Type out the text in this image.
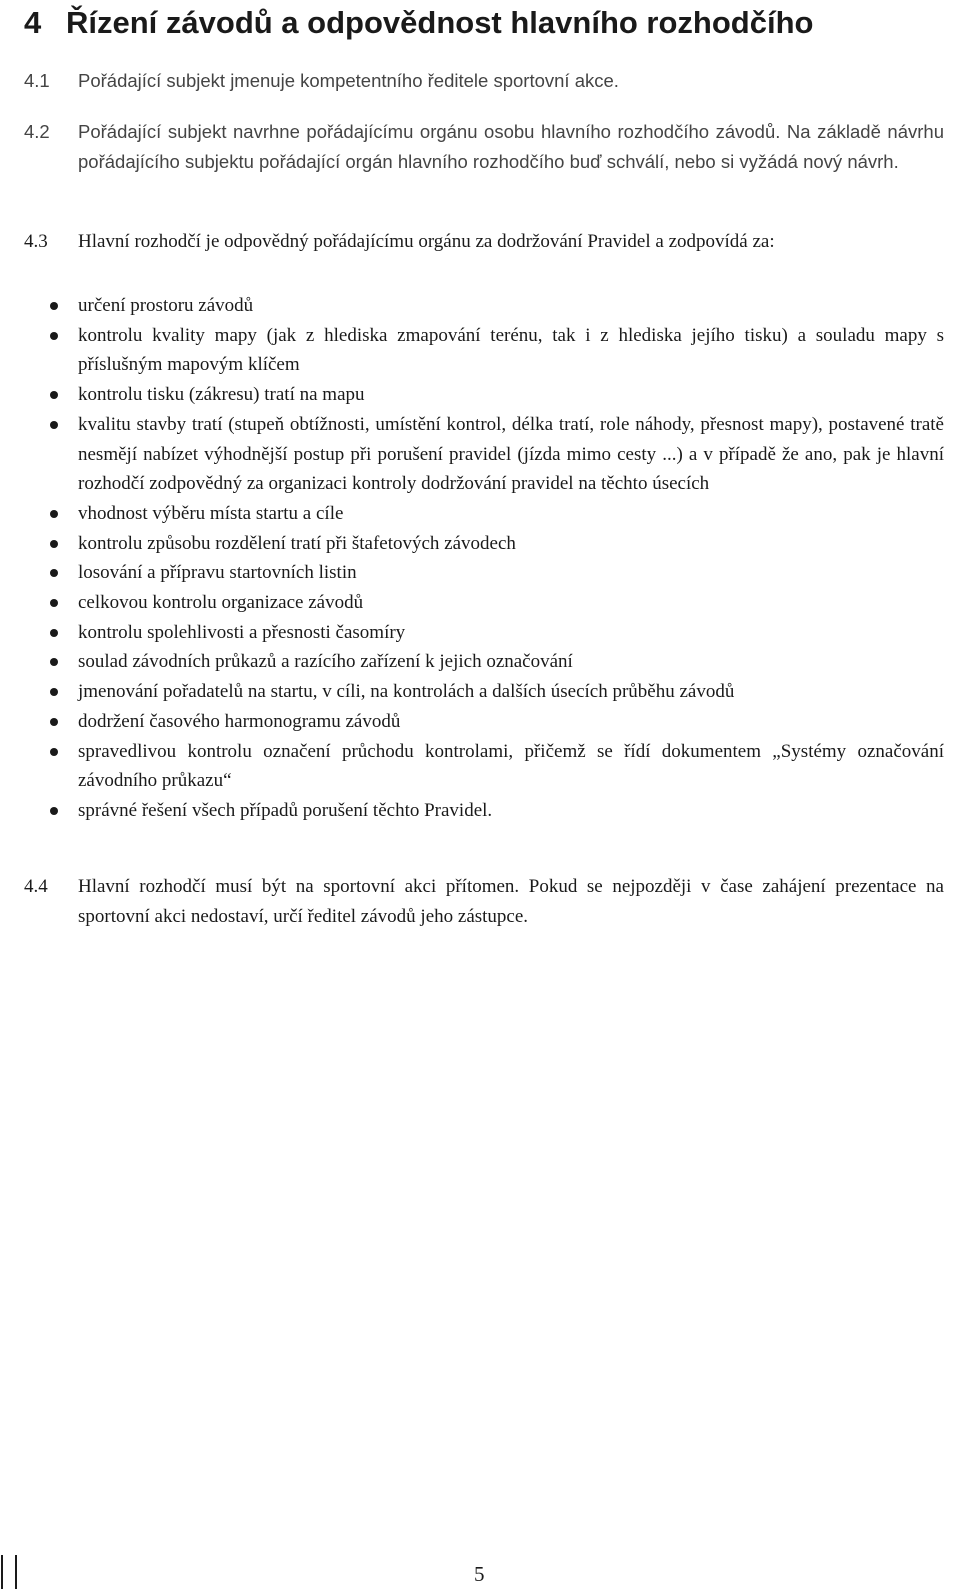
4 Řízení závodů a odpovědnost hlavního rozhodčího
4.1	Pořádající subjekt jmenuje kompetentního ředitele sportovní akce.
4.2	Pořádající subjekt navrhne pořádajícímu orgánu osobu hlavního rozhodčího závodů. Na základě návrhu pořádajícího subjektu pořádající orgán hlavního rozhodčího buď schválí, nebo si vyžádá nový návrh.
4.3	Hlavní rozhodčí je odpovědný pořádajícímu orgánu za dodržování Pravidel a zodpovídá za:
určení prostoru závodů
kontrolu kvality mapy (jak z hlediska zmapování terénu, tak i z hlediska jejího tisku) a souladu mapy s příslušným mapovým klíčem
kontrolu tisku (zákresu) tratí na mapu
kvalitu stavby tratí (stupeň obtížnosti, umístění kontrol, délka tratí, role náhody, přesnost mapy), postavené tratě nesmějí nabízet výhodnější postup při porušení pravidel (jízda mimo cesty ...) a v případě že ano, pak je hlavní rozhodčí zodpovědný za organizaci kontroly dodržování pravidel na těchto úsecích
vhodnost výběru místa startu a cíle
kontrolu způsobu rozdělení tratí při štafetových závodech
losování a přípravu startovních listin
celkovou kontrolu organizace závodů
kontrolu spolehlivosti a přesnosti časomíry
soulad závodních průkazů a razícího zařízení k jejich označování
jmenování pořadatelů na startu, v cíli, na kontrolách a dalších úsecích průběhu závodů
dodržení časového harmonogramu závodů
spravedlivou kontrolu označení průchodu kontrolami, přičemž se řídí dokumentem „Systémy označování závodního průkazu“
správné řešení všech případů porušení těchto Pravidel.
4.4	Hlavní rozhodčí musí být na sportovní akci přítomen. Pokud se nejpozději v čase zahájení prezentace na sportovní akci nedostaví, určí ředitel závodů jeho zástupce.
5
